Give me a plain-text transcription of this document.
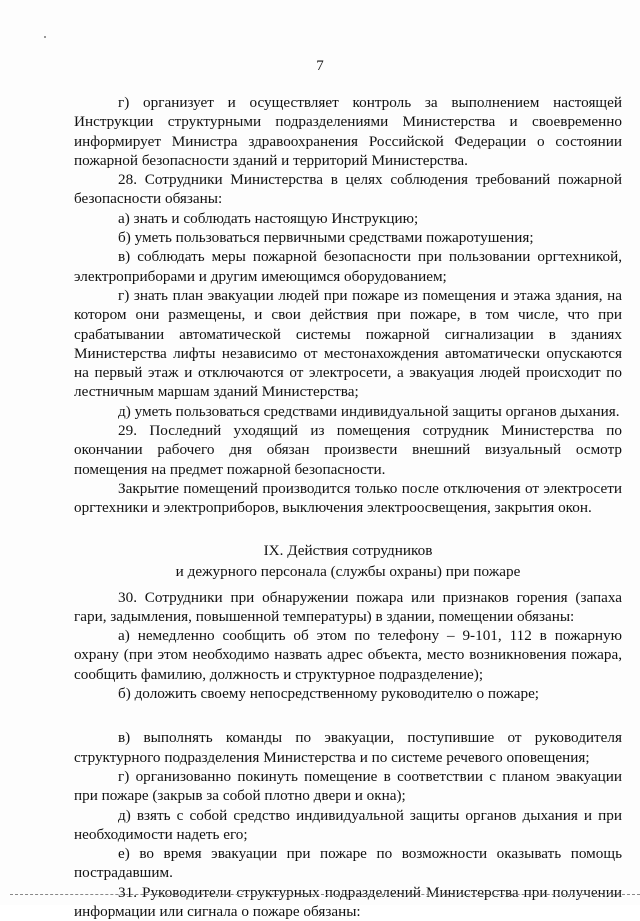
7

г) организует и осуществляет контроль за выполнением настоящей Инструкции структурными подразделениями Министерства и своевременно информирует Министра здравоохранения Российской Федерации о состоянии пожарной безопасности зданий и территорий Министерства.

28. Сотрудники Министерства в целях соблюдения требований пожарной безопасности обязаны:

а) знать и соблюдать настоящую Инструкцию;

б) уметь пользоваться первичными средствами пожаротушения;

в) соблюдать меры пожарной безопасности при пользовании оргтехникой, электроприборами и другим имеющимся оборудованием;

г) знать план эвакуации людей при пожаре из помещения и этажа здания, на котором они размещены, и свои действия при пожаре, в том числе, что при срабатывании автоматической системы пожарной сигнализации в зданиях Министерства лифты независимо от местонахождения автоматически опускаются на первый этаж и отключаются от электросети, а эвакуация людей происходит по лестничным маршам зданий Министерства;

д) уметь пользоваться средствами индивидуальной защиты органов дыхания.

29. Последний уходящий из помещения сотрудник Министерства по окончании рабочего дня обязан произвести внешний визуальный осмотр помещения на предмет пожарной безопасности.

Закрытие помещений производится только после отключения от электросети оргтехники и электроприборов, выключения электроосвещения, закрытия окон.

IX. Действия сотрудников

и дежурного персонала (службы охраны) при пожаре

30. Сотрудники при обнаружении пожара или признаков горения (запаха гари, задымления, повышенной температуры) в здании, помещении обязаны:

а) немедленно сообщить об этом по телефону – 9-101, 112 в пожарную охрану (при этом необходимо назвать адрес объекта, место возникновения пожара, сообщить фамилию, должность и структурное подразделение);

б) доложить своему непосредственному руководителю о пожаре;

в) выполнять команды по эвакуации, поступившие от руководителя структурного подразделения Министерства и по системе речевого оповещения;

г) организованно покинуть помещение в соответствии с планом эвакуации при пожаре (закрыв за собой плотно двери и окна);

д) взять с собой средство индивидуальной защиты органов дыхания и при необходимости надеть его;

е) во время эвакуации при пожаре по возможности оказывать помощь пострадавшим.

31. Руководители структурных подразделений Министерства при получении информации или сигнала о пожаре обязаны:
